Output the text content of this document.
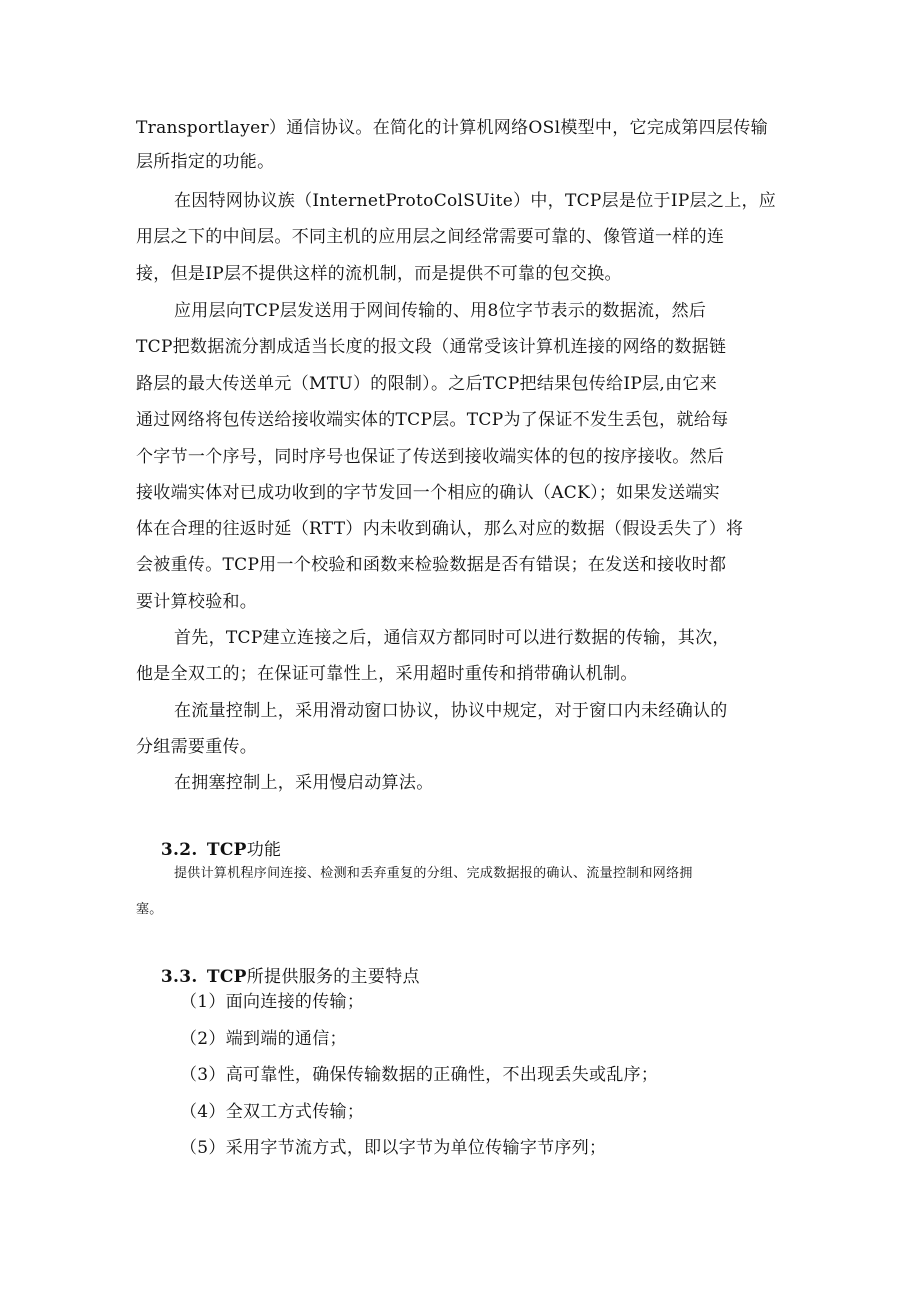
Transportlayer）通信协议。在简化的计算机网络OSl模型中，它完成第四层传输
层所指定的功能。
在因特网协议族（InternetProtoColSUite）中，TCP层是位于IP层之上，应
用层之下的中间层。不同主机的应用层之间经常需要可靠的、像管道一样的连
接，但是IP层不提供这样的流机制，而是提供不可靠的包交换。
应用层向TCP层发送用于网间传输的、用8位字节表示的数据流，然后
TCP把数据流分割成适当长度的报文段（通常受该计算机连接的网络的数据链
路层的最大传送单元（MTU）的限制）。之后TCP把结果包传给IP层,由它来
通过网络将包传送给接收端实体的TCP层。TCP为了保证不发生丢包，就给每
个字节一个序号，同时序号也保证了传送到接收端实体的包的按序接收。然后
接收端实体对已成功收到的字节发回一个相应的确认（ACK）；如果发送端实
体在合理的往返时延（RTT）内未收到确认，那么对应的数据（假设丢失了）将
会被重传。TCP用一个校验和函数来检验数据是否有错误；在发送和接收时都
要计算校验和。
首先，TCP建立连接之后，通信双方都同时可以进行数据的传输，其次，
他是全双工的；在保证可靠性上，采用超时重传和捎带确认机制。
在流量控制上，采用滑动窗口协议，协议中规定，对于窗口内未经确认的
分组需要重传。
在拥塞控制上，采用慢启动算法。

3.2. TCP功能

提供计算机程序间连接、检测和丢弃重复的分组、完成数据报的确认、流量控制和网络拥
塞。

3.3. TCP所提供服务的主要特点

（1）面向连接的传输；
（2）端到端的通信；
（3）高可靠性，确保传输数据的正确性，不出现丢失或乱序；
（4）全双工方式传输；
（5）采用字节流方式，即以字节为单位传输字节序列；
